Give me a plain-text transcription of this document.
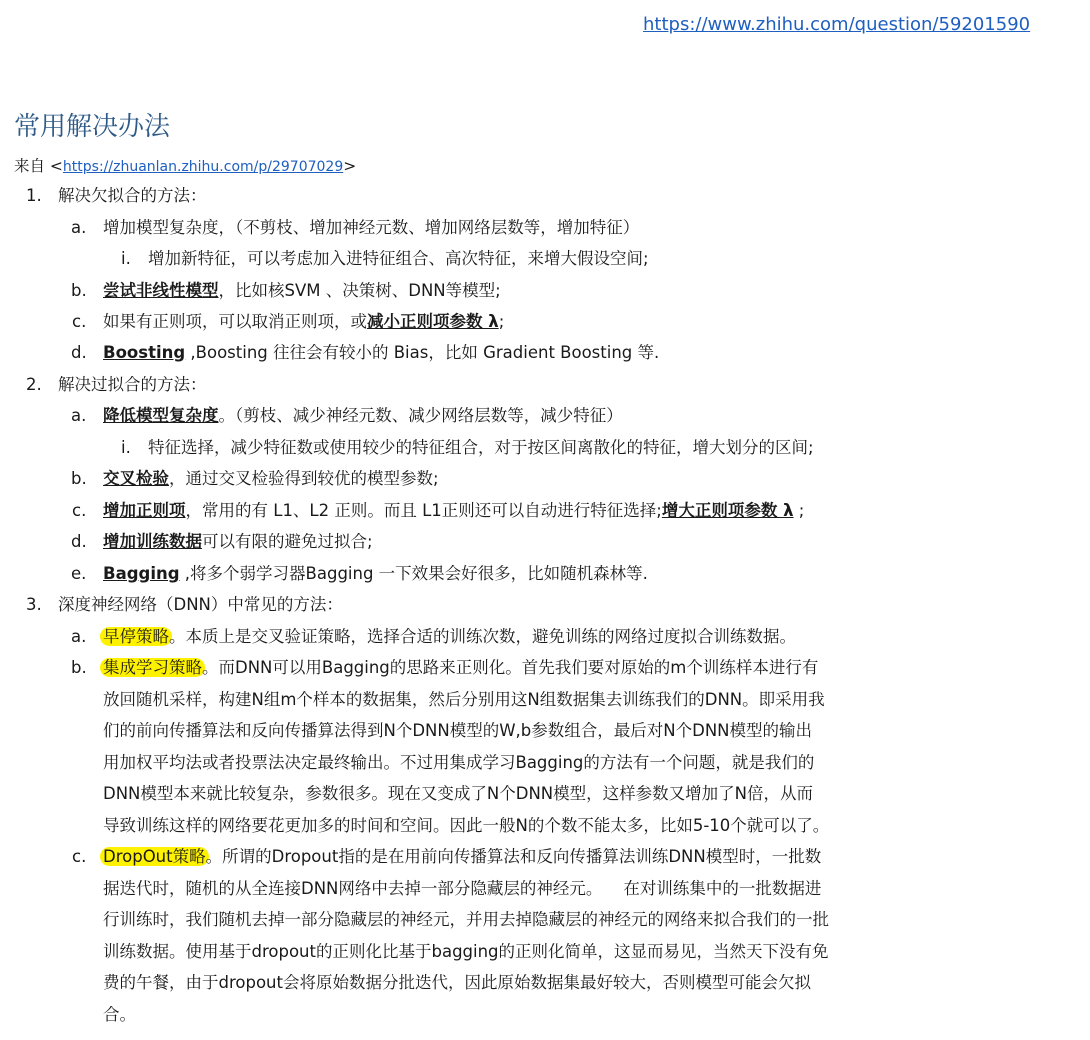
https://www.zhihu.com/question/59201590
常用解决办法
来自 <https://zhuanlan.zhihu.com/p/29707029>
1. 解决欠拟合的方法：
a. 增加模型复杂度，（不剪枝、增加神经元数、增加网络层数等，增加特征）
i. 增加新特征，可以考虑加入进特征组合、高次特征，来增大假设空间;
b. 尝试非线性模型，比如核SVM 、决策树、DNN等模型;
c. 如果有正则项，可以取消正则项，或减小正则项参数 λ;
d. Boosting ,Boosting 往往会有较小的 Bias，比如 Gradient Boosting 等.
2. 解决过拟合的方法：
a. 降低模型复杂度。（剪枝、减少神经元数、减少网络层数等，减少特征）
i. 特征选择，减少特征数或使用较少的特征组合，对于按区间离散化的特征，增大划分的区间;
b. 交叉检验，通过交叉检验得到较优的模型参数;
c. 增加正则项，常用的有 L1、L2 正则。而且 L1正则还可以自动进行特征选择;增大正则项参数 λ ;
d. 增加训练数据可以有限的避免过拟合;
e. Bagging ,将多个弱学习器Bagging 一下效果会好很多，比如随机森林等.
3. 深度神经网络（DNN）中常见的方法：
a. 早停策略。本质上是交叉验证策略，选择合适的训练次数，避免训练的网络过度拟合训练数据。
b. 集成学习策略。而DNN可以用Bagging的思路来正则化。首先我们要对原始的m个训练样本进行有
放回随机采样，构建N组m个样本的数据集，然后分别用这N组数据集去训练我们的DNN。即采用我
们的前向传播算法和反向传播算法得到N个DNN模型的W,b参数组合，最后对N个DNN模型的输出
用加权平均法或者投票法决定最终输出。不过用集成学习Bagging的方法有一个问题，就是我们的
DNN模型本来就比较复杂，参数很多。现在又变成了N个DNN模型，这样参数又增加了N倍，从而
导致训练这样的网络要花更加多的时间和空间。因此一般N的个数不能太多，比如5-10个就可以了。
c. DropOut策略。所谓的Dropout指的是在用前向传播算法和反向传播算法训练DNN模型时，一批数
据迭代时，随机的从全连接DNN网络中去掉一部分隐藏层的神经元。    在对训练集中的一批数据进
行训练时，我们随机去掉一部分隐藏层的神经元，并用去掉隐藏层的神经元的网络来拟合我们的一批
训练数据。使用基于dropout的正则化比基于bagging的正则化简单，这显而易见，当然天下没有免
费的午餐，由于dropout会将原始数据分批迭代，因此原始数据集最好较大，否则模型可能会欠拟
合。
